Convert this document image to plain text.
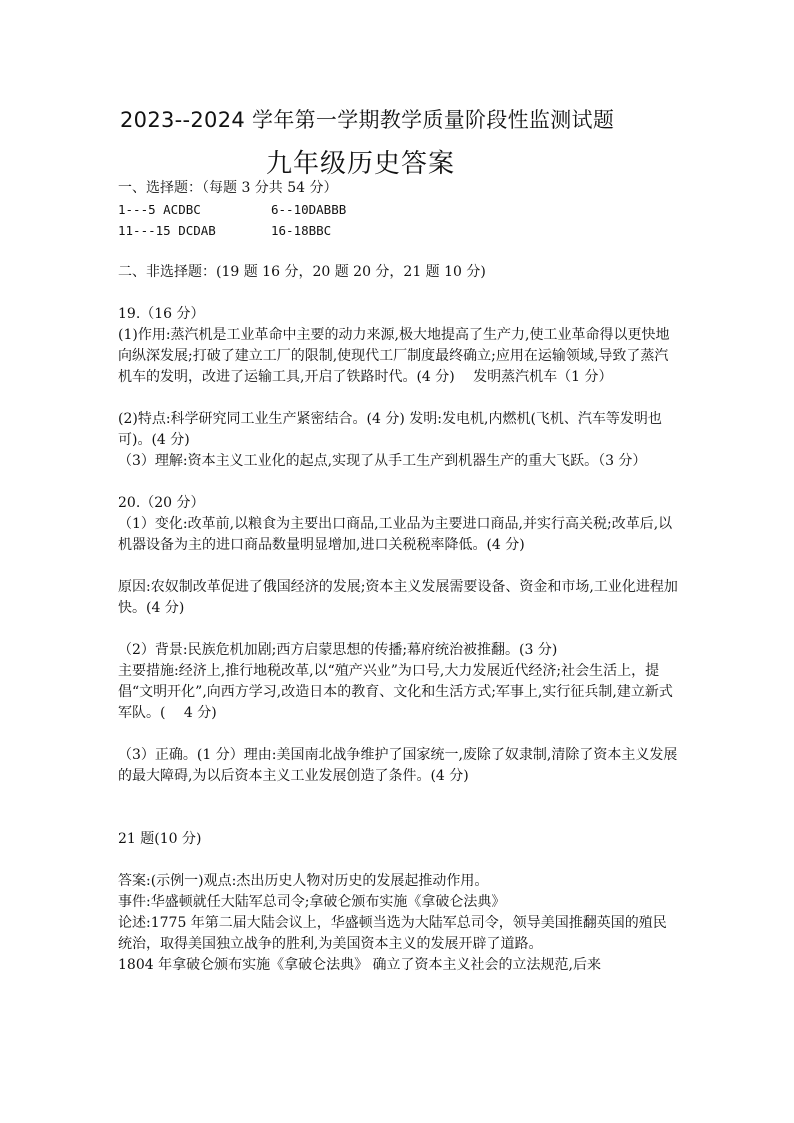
2023--2024 学年第一学期教学质量阶段性监测试题
九年级历史答案

一、选择题：（每题 3 分共 54 分）

1---5 ACDBC	6--10DABBB
11---15 DCDAB	16-18BBC

二、非选择题：(19 题 16 分，20 题 20 分，21 题 10 分)

19.（16 分）

(1)作用:蒸汽机是工业革命中主要的动力来源,极大地提高了生产力,使工业革命得以更快地向纵深发展;打破了建立工厂的限制,使现代工厂制度最终确立;应用在运输领域,导致了蒸汽机车的发明，改进了运输工具,开启了铁路时代。(4 分)　 发明蒸汽机车（1 分）

(2)特点:科学研究同工业生产紧密结合。(4 分) 发明:发电机,内燃机(飞机、汽车等发明也可)。(4 分)

（3）理解:资本主义工业化的起点,实现了从手工生产到机器生产的重大飞跃。（3 分）

20.（20 分）

（1）变化:改革前,以粮食为主要出口商品,工业品为主要进口商品,并实行高关税;改革后,以机器设备为主的进口商品数量明显增加,进口关税税率降低。(4 分)

原因:农奴制改革促进了俄国经济的发展;资本主义发展需要设备、资金和市场,工业化进程加快。(4 分)

（2）背景:民族危机加剧;西方启蒙思想的传播;幕府统治被推翻。(3 分)

主要措施:经济上,推行地税改革,以“殖产兴业”为口号,大力发展近代经济;社会生活上，提倡“文明开化”,向西方学习,改造日本的教育、文化和生活方式;军事上,实行征兵制,建立新式军队。(　 4 分)

（3）正确。(1 分）理由:美国南北战争维护了国家统一,废除了奴隶制,清除了资本主义发展的最大障碍,为以后资本主义工业发展创造了条件。(4 分)

21 题(10 分)

答案:(示例一)观点:杰出历史人物对历史的发展起推动作用。

事件:华盛顿就任大陆军总司令;拿破仑颁布实施《拿破仑法典》

论述:1775 年第二届大陆会议上，华盛顿当选为大陆军总司令，领导美国推翻英国的殖民统治，取得美国独立战争的胜利,为美国资本主义的发展开辟了道路。

1804 年拿破仑颁布实施《拿破仑法典》 确立了资本主义社会的立法规范,后来
